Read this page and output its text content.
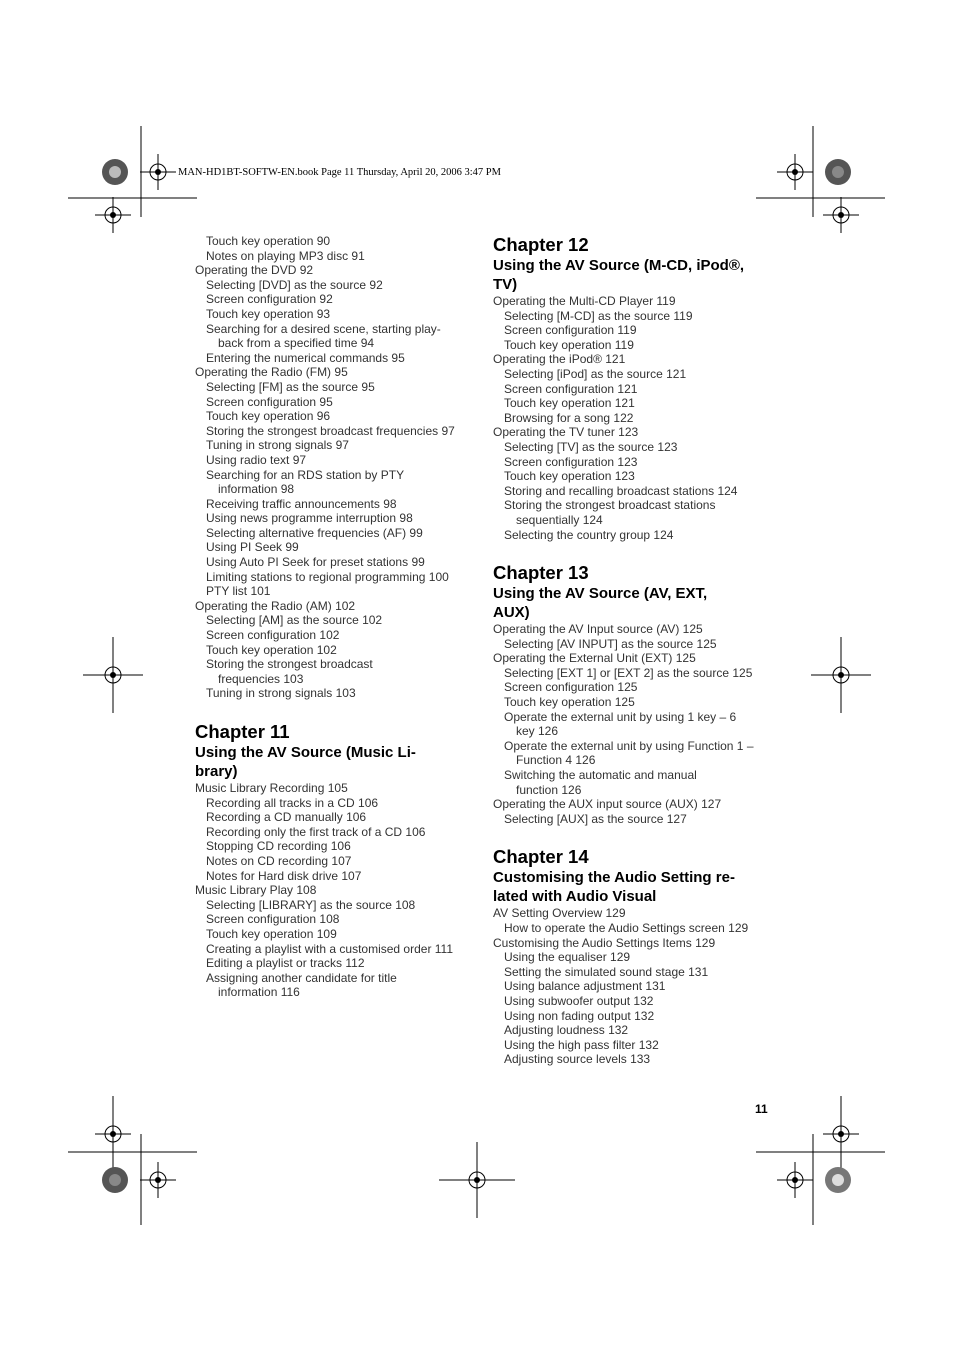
MAN-HD1BT-SOFTW-EN.book Page 11 Thursday, April 20, 2006 3:47 PM
Touch key operation 90
Notes on playing MP3 disc 91
Operating the DVD 92
Selecting [DVD] as the source 92
Screen configuration 92
Touch key operation 93
Searching for a desired scene, starting play-
back from a specified time 94
Entering the numerical commands 95
Operating the Radio (FM) 95
Selecting [FM] as the source 95
Screen configuration 95
Touch key operation 96
Storing the strongest broadcast frequencies 97
Tuning in strong signals 97
Using radio text 97
Searching for an RDS station by PTY
information 98
Receiving traffic announcements 98
Using news programme interruption 98
Selecting alternative frequencies (AF) 99
Using PI Seek 99
Using Auto PI Seek for preset stations 99
Limiting stations to regional programming 100
PTY list 101
Operating the Radio (AM) 102
Selecting [AM] as the source 102
Screen configuration 102
Touch key operation 102
Storing the strongest broadcast
frequencies 103
Tuning in strong signals 103
Chapter 11
Using the AV Source (Music Li-
brary)
Music Library Recording 105
Recording all tracks in a CD 106
Recording a CD manually 106
Recording only the first track of a CD 106
Stopping CD recording 106
Notes on CD recording 107
Notes for Hard disk drive 107
Music Library Play 108
Selecting [LIBRARY] as the source 108
Screen configuration 108
Touch key operation 109
Creating a playlist with a customised order 111
Editing a playlist or tracks 112
Assigning another candidate for title
information 116
Chapter 12
Using the AV Source (M-CD, iPod®,
TV)
Operating the Multi-CD Player 119
Selecting [M-CD] as the source 119
Screen configuration 119
Touch key operation 119
Operating the iPod® 121
Selecting [iPod] as the source 121
Screen configuration 121
Touch key operation 121
Browsing for a song 122
Operating the TV tuner 123
Selecting [TV] as the source 123
Screen configuration 123
Touch key operation 123
Storing and recalling broadcast stations 124
Storing the strongest broadcast stations
sequentially 124
Selecting the country group 124
Chapter 13
Using the AV Source (AV, EXT,
AUX)
Operating the AV Input source (AV) 125
Selecting [AV INPUT] as the source 125
Operating the External Unit (EXT) 125
Selecting [EXT 1] or [EXT 2] as the source 125
Screen configuration 125
Touch key operation 125
Operate the external unit by using 1 key – 6
key 126
Operate the external unit by using Function 1 –
Function 4 126
Switching the automatic and manual
function 126
Operating the AUX input source (AUX) 127
Selecting [AUX] as the source 127
Chapter 14
Customising the Audio Setting re-
lated with Audio Visual
AV Setting Overview 129
How to operate the Audio Settings screen 129
Customising the Audio Settings Items 129
Using the equaliser 129
Setting the simulated sound stage 131
Using balance adjustment 131
Using subwoofer output 132
Using non fading output 132
Adjusting loudness 132
Using the high pass filter 132
Adjusting source levels 133
11
